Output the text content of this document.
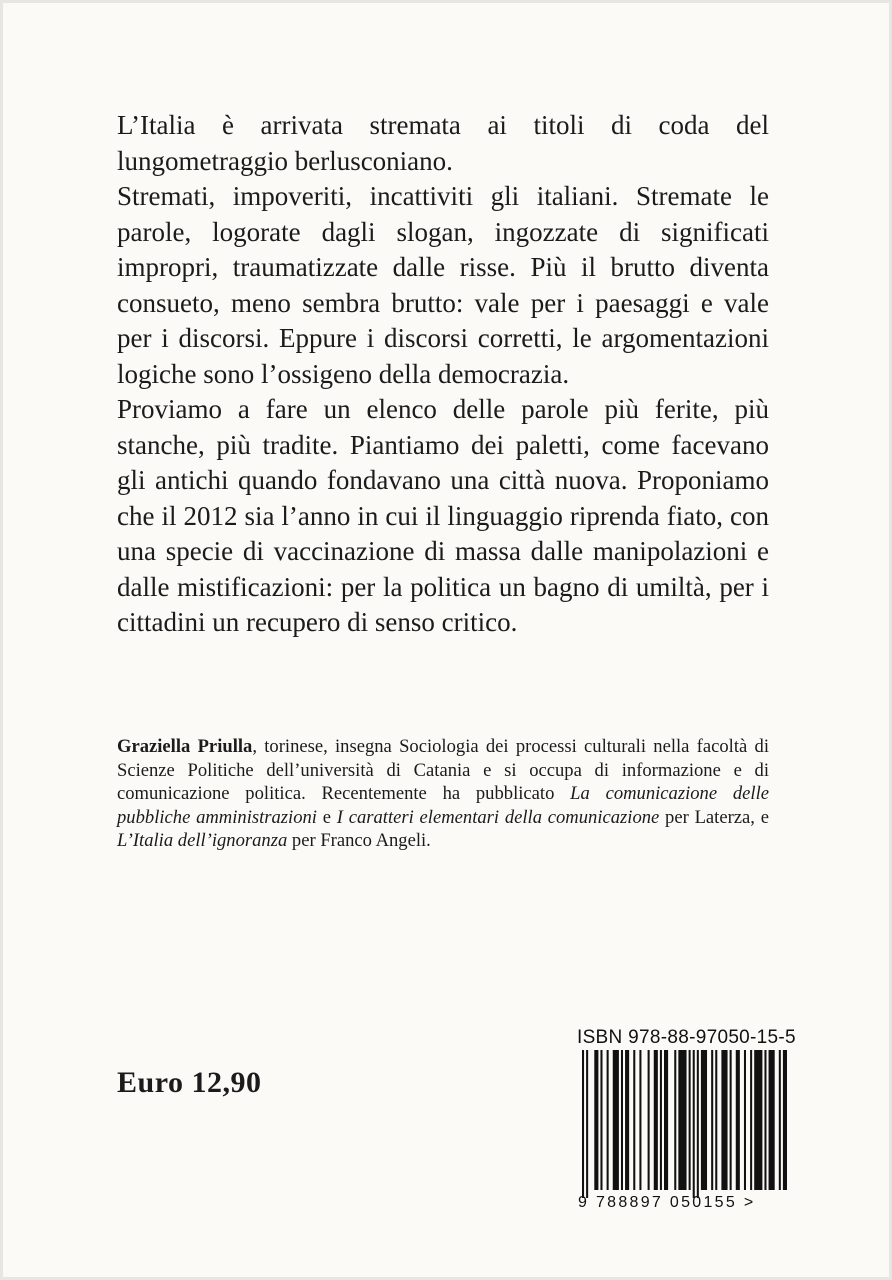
L’Italia è arrivata stremata ai titoli di coda del lungometraggio berlusconiano.

Stremati, impoveriti, incattiviti gli italiani. Stremate le parole, logorate dagli slogan, ingozzate di significati impropri, traumatizzate dalle risse. Più il brutto diventa consueto, meno sembra brutto: vale per i paesaggi e vale per i discorsi. Eppure i discorsi corretti, le argomentazioni logiche sono l’ossigeno della democrazia.

Proviamo a fare un elenco delle parole più ferite, più stanche, più tradite. Piantiamo dei paletti, come facevano gli antichi quando fondavano una città nuova. Proponiamo che il 2012 sia l’anno in cui il linguaggio riprenda fiato, con una specie di vaccinazione di massa dalle manipolazioni e dalle mistificazioni: per la politica un bagno di umiltà, per i cittadini un recupero di senso critico.

Graziella Priulla, torinese, insegna Sociologia dei processi culturali nella facoltà di Scienze Politiche dell’università di Catania e si occupa di informazione e di comunicazione politica. Recentemente ha pubblicato La comunicazione delle pubbliche amministrazioni e I caratteri elementari della comunicazione per Laterza, e L’Italia dell’ignoranza per Franco Angeli.
Euro 12,90
ISBN 978-88-97050-15-5
9 788897 050155 >
